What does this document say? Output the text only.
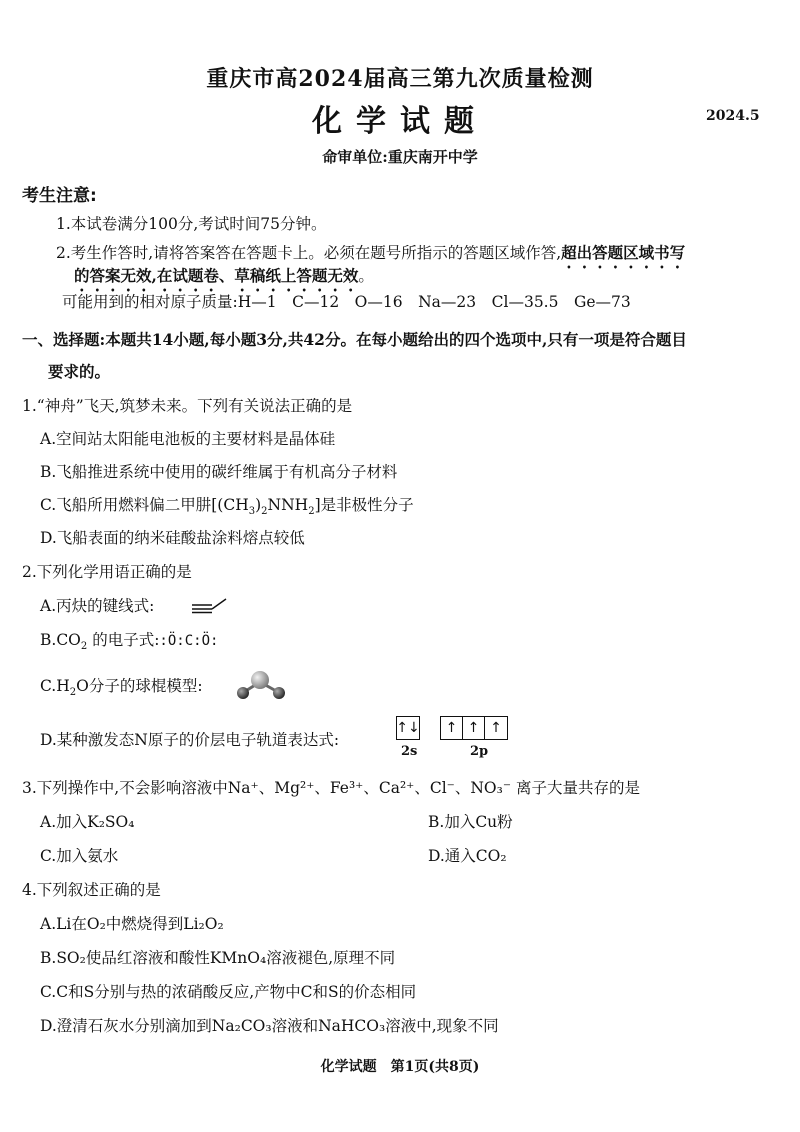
重庆市高2024届高三第九次质量检测
化学试题	2024.5
命审单位:重庆南开中学
考生注意:
1.本试卷满分100分,考试时间75分钟。
2.考生作答时,请将答案答在答题卡上。必须在题号所指示的答题区域作答,超出答题区域书写
的答案无效,在试题卷、草稿纸上答题无效。
可能用到的相对原子质量:H—1　C—12　O—16　Na—23　Cl—35.5　Ge—73
一、选择题:本题共14小题,每小题3分,共42分。在每小题给出的四个选项中,只有一项是符合题目
要求的。
1.“神舟”飞天,筑梦未来。下列有关说法正确的是
A.空间站太阳能电池板的主要材料是晶体硅
B.飞船推进系统中使用的碳纤维属于有机高分子材料
C.飞船所用燃料偏二甲肼$[(CH_3)_2NNH_2]$是非极性分子
D.飞船表面的纳米硅酸盐涂料熔点较低
2.下列化学用语正确的是
A.丙炔的键线式:
$B.CO_2$ 的电子式::Ö:C:Ö:
$C.H_2O$分子的球棍模型:
D.某种激发态N原子的价层电子轨道表达式:
↑↓	↑ ↑ ↑
2s	2p
3.下列操作中,不会影响溶液中Na⁺、Mg²⁺、Fe³⁺、Ca²⁺、Cl⁻、NO₃⁻ 离子大量共存的是
A.加入K₂SO₄	B.加入Cu粉
C.加入氨水	D.通入CO₂
4.下列叙述正确的是
A.Li在O₂中燃烧得到Li₂O₂
B.SO₂使品红溶液和酸性KMnO₄溶液褪色,原理不同
C.C和S分别与热的浓硝酸反应,产物中C和S的价态相同
D.澄清石灰水分别滴加到Na₂CO₃溶液和NaHCO₃溶液中,现象不同
化学试题　第1页(共8页)
